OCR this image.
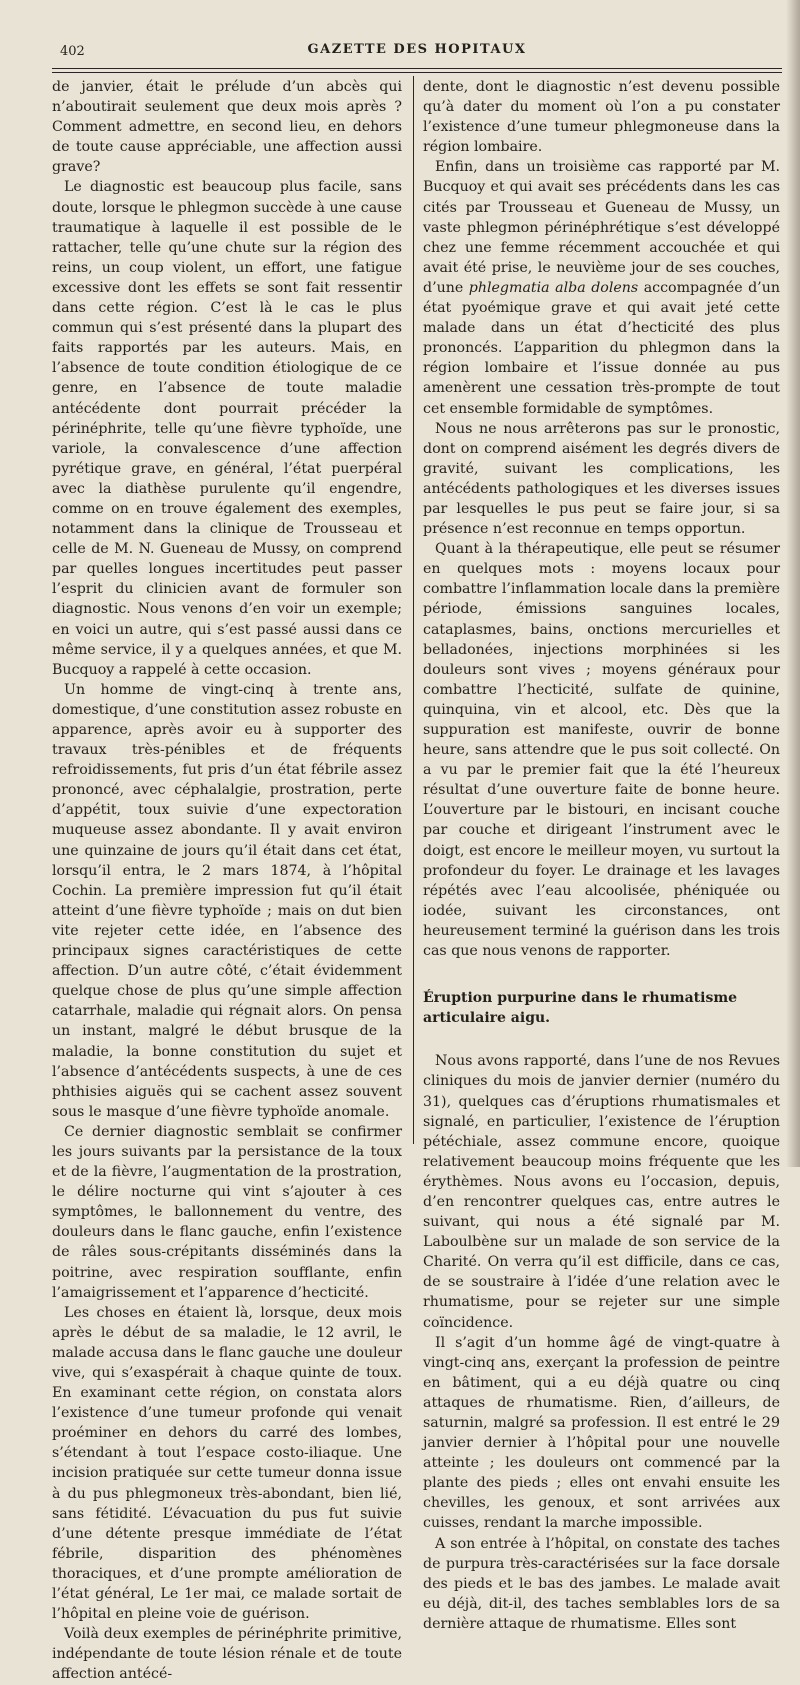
402	GAZETTE DES HOPITAUX

de janvier, était le prélude d’un abcès qui n’aboutirait seulement que deux mois après ? Comment admettre, en second lieu, en dehors de toute cause appréciable, une affection aussi grave?

Le diagnostic est beaucoup plus facile, sans doute, lorsque le phlegmon succède à une cause traumatique à laquelle il est possible de le rattacher, telle qu’une chute sur la région des reins, un coup violent, un effort, une fatigue excessive dont les effets se sont fait ressentir dans cette région. C’est là le cas le plus commun qui s’est présenté dans la plupart des faits rapportés par les auteurs. Mais, en l’absence de toute condition étiologique de ce genre, en l’absence de toute maladie antécédente dont pourrait précéder la périnéphrite, telle qu’une fièvre typhoïde, une variole, la convalescence d’une affection pyrétique grave, en général, l’état puerpéral avec la diathèse purulente qu’il engendre, comme on en trouve également des exemples, notamment dans la clinique de Trousseau et celle de M. N. Gueneau de Mussy, on comprend par quelles longues incertitudes peut passer l’esprit du clinicien avant de formuler son diagnostic. Nous venons d’en voir un exemple; en voici un autre, qui s’est passé aussi dans ce même service, il y a quelques années, et que M. Bucquoy a rappelé à cette occasion.

Un homme de vingt-cinq à trente ans, domestique, d’une constitution assez robuste en apparence, après avoir eu à supporter des travaux très-pénibles et de fréquents refroidissements, fut pris d’un état fébrile assez prononcé, avec céphalalgie, prostration, perte d’appétit, toux suivie d’une expectoration muqueuse assez abondante. Il y avait environ une quinzaine de jours qu’il était dans cet état, lorsqu’il entra, le 2 mars 1874, à l’hôpital Cochin. La première impression fut qu’il était atteint d’une fièvre typhoïde ; mais on dut bien vite rejeter cette idée, en l’absence des principaux signes caractéristiques de cette affection. D’un autre côté, c’était évidemment quelque chose de plus qu’une simple affection catarrhale, maladie qui régnait alors. On pensa un instant, malgré le début brusque de la maladie, la bonne constitution du sujet et l’absence d’antécédents suspects, à une de ces phthisies aiguës qui se cachent assez souvent sous le masque d’une fièvre typhoïde anomale.

Ce dernier diagnostic semblait se confirmer les jours suivants par la persistance de la toux et de la fièvre, l’augmentation de la prostration, le délire nocturne qui vint s’ajouter à ces symptômes, le ballonnement du ventre, des douleurs dans le flanc gauche, enfin l’existence de râles sous-crépitants disséminés dans la poitrine, avec respiration soufflante, enfin l’amaigrissement et l’apparence d’hecticité.

Les choses en étaient là, lorsque, deux mois après le début de sa maladie, le 12 avril, le malade accusa dans le flanc gauche une douleur vive, qui s’exaspérait à chaque quinte de toux. En examinant cette région, on constata alors l’existence d’une tumeur profonde qui venait proéminer en dehors du carré des lombes, s’étendant à tout l’espace costo-iliaque. Une incision pratiquée sur cette tumeur donna issue à du pus phlegmoneux très-abondant, bien lié, sans fétidité. L’évacuation du pus fut suivie d’une détente presque immédiate de l’état fébrile, disparition des phénomènes thoraciques, et d’une prompte amélioration de l’état général, Le 1er mai, ce malade sortait de l’hôpital en pleine voie de guérison.

Voilà deux exemples de périnéphrite primitive, indépendante de toute lésion rénale et de toute affection antécé-

dente, dont le diagnostic n’est devenu possible qu’à dater du moment où l’on a pu constater l’existence d’une tumeur phlegmoneuse dans la région lombaire.

Enfin, dans un troisième cas rapporté par M. Bucquoy et qui avait ses précédents dans les cas cités par Trousseau et Gueneau de Mussy, un vaste phlegmon périnéphrétique s’est développé chez une femme récemment accouchée et qui avait été prise, le neuvième jour de ses couches, d’une phlegmatia alba dolens accompagnée d’un état pyoémique grave et qui avait jeté cette malade dans un état d’hecticité des plus prononcés. L’apparition du phlegmon dans la région lombaire et l’issue donnée au pus amenèrent une cessation très-prompte de tout cet ensemble formidable de symptômes.

Nous ne nous arrêterons pas sur le pronostic, dont on comprend aisément les degrés divers de gravité, suivant les complications, les antécédents pathologiques et les diverses issues par lesquelles le pus peut se faire jour, si sa présence n’est reconnue en temps opportun.

Quant à la thérapeutique, elle peut se résumer en quelques mots : moyens locaux pour combattre l’inflammation locale dans la première période, émissions sanguines locales, cataplasmes, bains, onctions mercurielles et belladonées, injections morphinées si les douleurs sont vives ; moyens généraux pour combattre l’hecticité, sulfate de quinine, quinquina, vin et alcool, etc. Dès que la suppuration est manifeste, ouvrir de bonne heure, sans attendre que le pus soit collecté. On a vu par le premier fait que la été l’heureux résultat d’une ouverture faite de bonne heure. L’ouverture par le bistouri, en incisant couche par couche et dirigeant l’instrument avec le doigt, est encore le meilleur moyen, vu surtout la profondeur du foyer. Le drainage et les lavages répétés avec l’eau alcoolisée, phéniquée ou iodée, suivant les circonstances, ont heureusement terminé la guérison dans les trois cas que nous venons de rapporter.

Éruption purpurine dans le rhumatisme articulaire aigu.

Nous avons rapporté, dans l’une de nos Revues cliniques du mois de janvier dernier (numéro du 31), quelques cas d’éruptions rhumatismales et signalé, en particulier, l’existence de l’éruption pétéchiale, assez commune encore, quoique relativement beaucoup moins fréquente que les érythèmes. Nous avons eu l’occasion, depuis, d’en rencontrer quelques cas, entre autres le suivant, qui nous a été signalé par M. Laboulbène sur un malade de son service de la Charité. On verra qu’il est difficile, dans ce cas, de se soustraire à l’idée d’une relation avec le rhumatisme, pour se rejeter sur une simple coïncidence.

Il s’agit d’un homme âgé de vingt-quatre à vingt-cinq ans, exerçant la profession de peintre en bâtiment, qui a eu déjà quatre ou cinq attaques de rhumatisme. Rien, d’ailleurs, de saturnin, malgré sa profession. Il est entré le 29 janvier dernier à l’hôpital pour une nouvelle atteinte ; les douleurs ont commencé par la plante des pieds ; elles ont envahi ensuite les chevilles, les genoux, et sont arrivées aux cuisses, rendant la marche impossible.

A son entrée à l’hôpital, on constate des taches de purpura très-caractérisées sur la face dorsale des pieds et le bas des jambes. Le malade avait eu déjà, dit-il, des taches semblables lors de sa dernière attaque de rhumatisme. Elles sont
